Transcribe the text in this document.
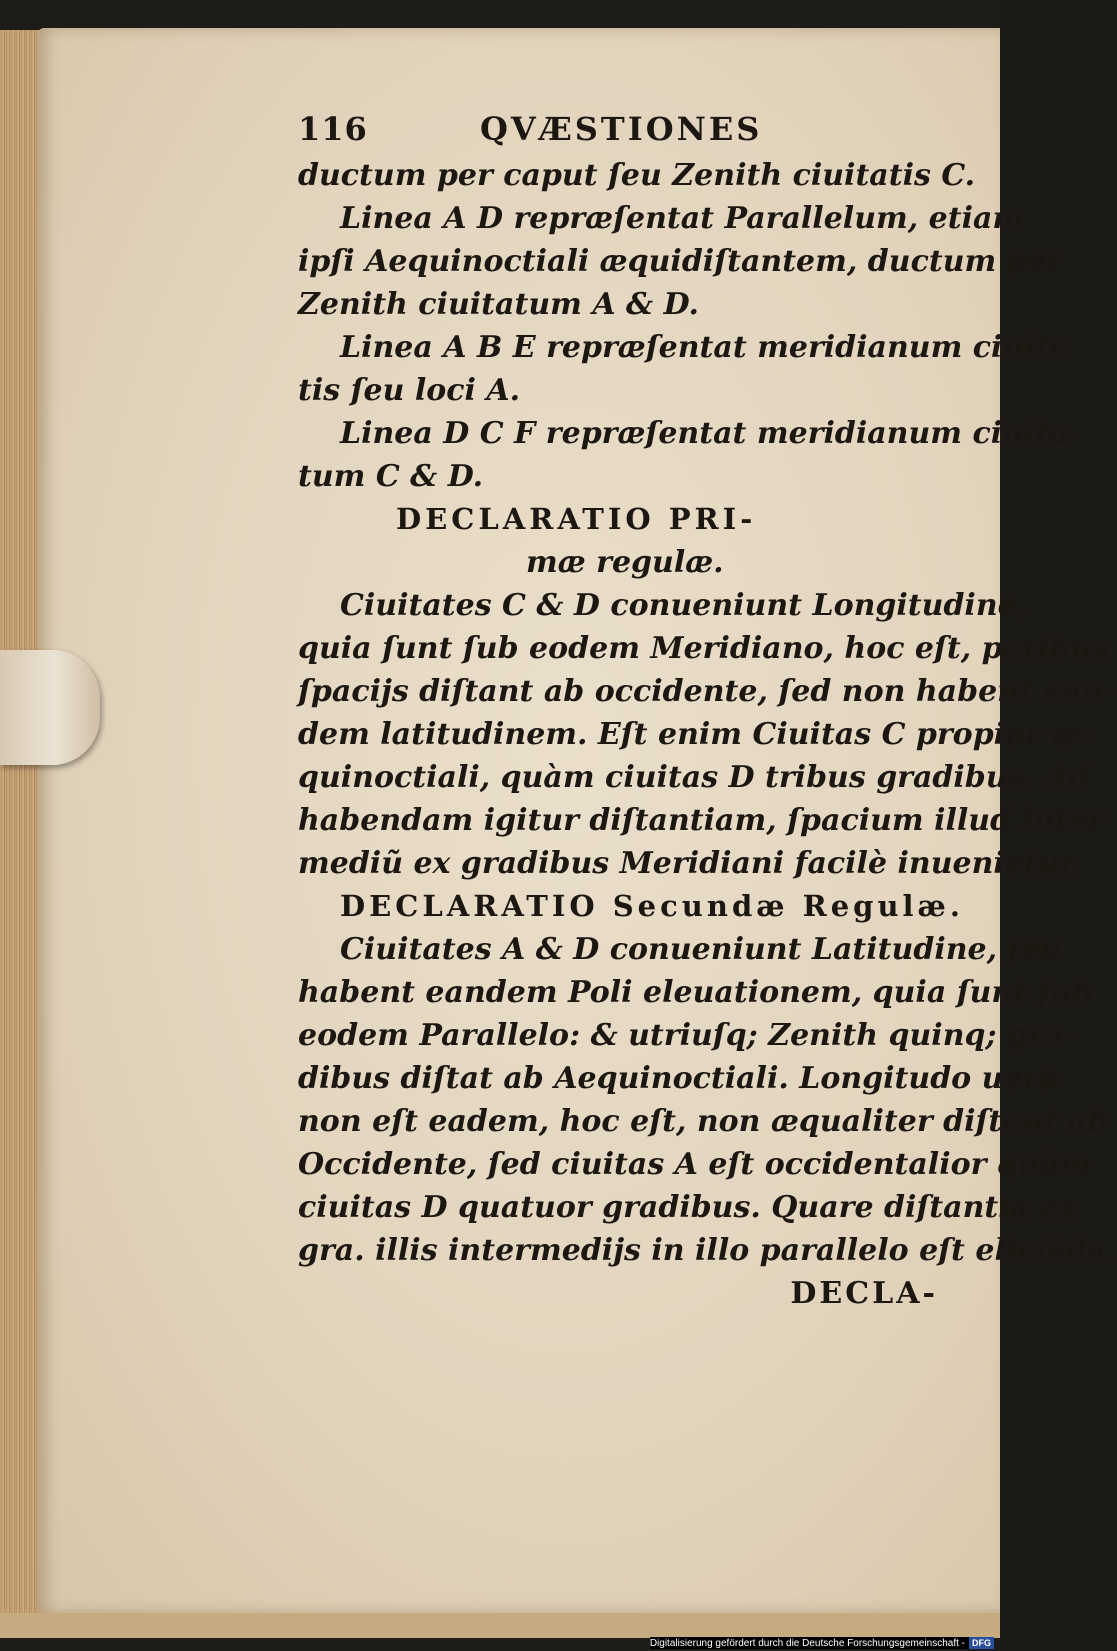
116	QVÆSTIONES
ductum per caput ſeu Zenith ciuitatis C.
Linea A D repræſentat Parallelum, etiam
ipſi Aequinoctiali æquidiſtantem, ductum per
Zenith ciuitatum A & D.
Linea A B E repræſentat meridianum ciuita
tis ſeu loci A.
Linea D C F repræſentat meridianum ciuita-
tum C & D.
DECLARATIO PRI-
mæ regulæ.
Ciuitates C & D conueniunt Longitudine,
quia ſunt ſub eodem Meridiano, hoc eſt, paribus
ſpacijs diſtant ab occidente, ſed non habent ean-
dem latitudinem. Eſt enim Ciuitas C propior æ-
quinoctiali, quàm ciuitas D tribus gradibus. Ad
habendam igitur diſtantiam, ſpacium illud inter
mediũ ex gradibus Meridiani facilè inuenietur.
DECLARATIO Secundæ Regulæ.
Ciuitates A & D conueniunt Latitudine, ſeu
habent eandem Poli eleuationem, quia ſunt ſub
eodem Parallelo: & utriuſq; Zenith quinq; gra-
dibus diſtat ab Aequinoctiali. Longitudo uerò
non eſt eadem, hoc eſt, non æqualiter diſtant ab
Occidente, ſed ciuitas A eſt occidentalior quàm
ciuitas D quatuor gradibus. Quare diſtantia ex
gra. illis intermedijs in illo parallelo eſt eliciẽda.
DECLA-
Digitalisierung gefördert durch die Deutsche Forschungsgemeinschaft - DFG
